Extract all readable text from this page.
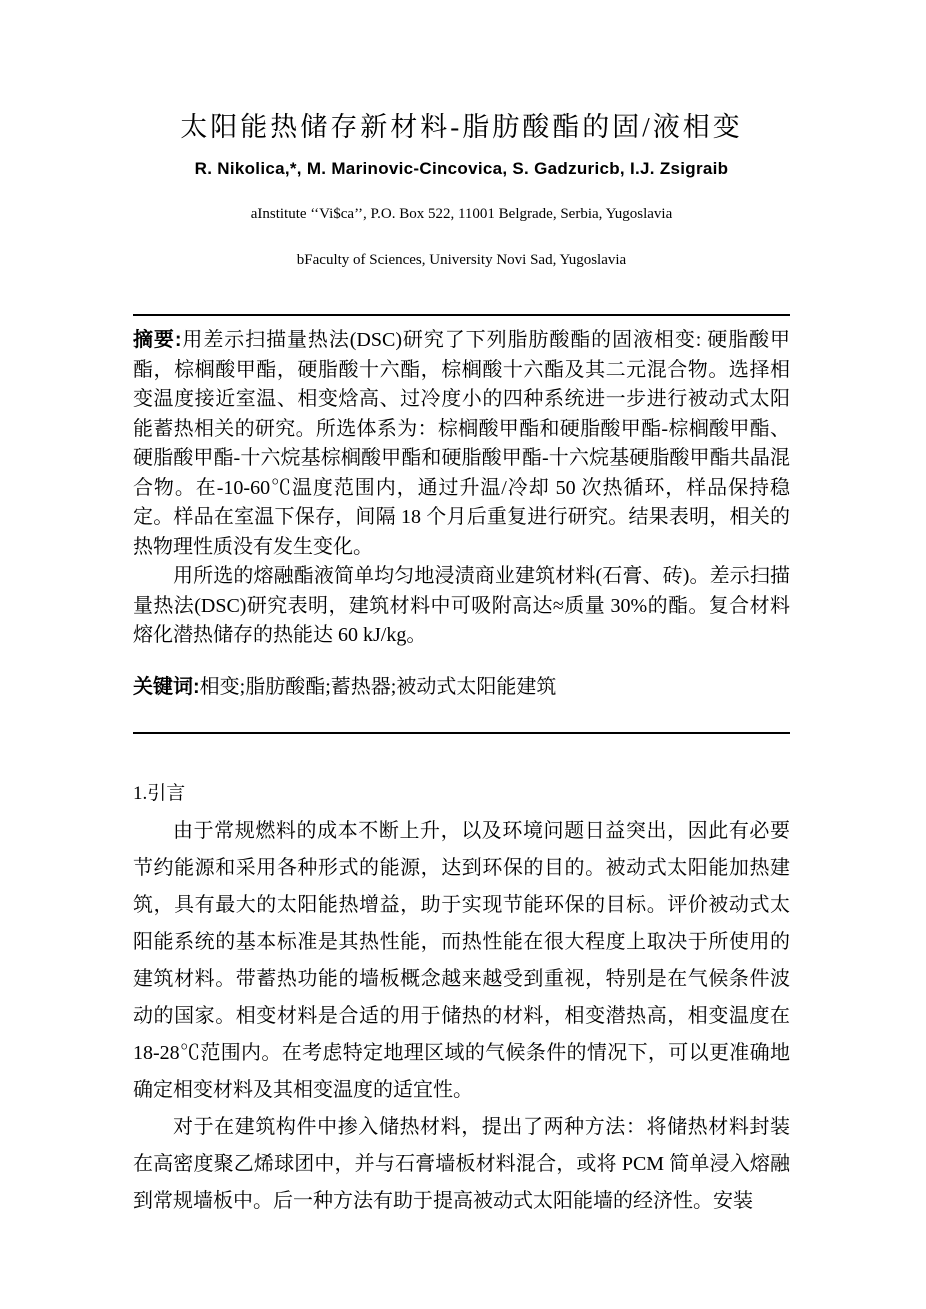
太阳能热储存新材料-脂肪酸酯的固/液相变
R. Nikolica,*, M. Marinovic-Cincovica, S. Gadzuricb, I.J. Zsigraib
aInstitute ‘‘Vi$ca’’, P.O. Box 522, 11001 Belgrade, Serbia, Yugoslavia
bFaculty of Sciences, University Novi Sad, Yugoslavia

摘要:用差示扫描量热法(DSC)研究了下列脂肪酸酯的固液相变: 硬脂酸甲酯，棕榈酸甲酯，硬脂酸十六酯，棕榈酸十六酯及其二元混合物。选择相变温度接近室温、相变焓高、过冷度小的四种系统进一步进行被动式太阳能蓄热相关的研究。所选体系为：棕榈酸甲酯和硬脂酸甲酯-棕榈酸甲酯、硬脂酸甲酯-十六烷基棕榈酸甲酯和硬脂酸甲酯-十六烷基硬脂酸甲酯共晶混合物。在-10-60℃温度范围内，通过升温/冷却 50 次热循环，样品保持稳定。样品在室温下保存，间隔 18 个月后重复进行研究。结果表明，相关的热物理性质没有发生变化。

用所选的熔融酯液简单均匀地浸渍商业建筑材料(石膏、砖)。差示扫描量热法(DSC)研究表明，建筑材料中可吸附高达≈质量 30%的酯。复合材料熔化潜热储存的热能达 60 kJ/kg。

关键词:相变;脂肪酸酯;蓄热器;被动式太阳能建筑

1.引言

由于常规燃料的成本不断上升，以及环境问题日益突出，因此有必要节约能源和采用各种形式的能源，达到环保的目的。被动式太阳能加热建筑，具有最大的太阳能热增益，助于实现节能环保的目标。评价被动式太阳能系统的基本标准是其热性能，而热性能在很大程度上取决于所使用的建筑材料。带蓄热功能的墙板概念越来越受到重视，特别是在气候条件波动的国家。相变材料是合适的用于储热的材料，相变潜热高，相变温度在18-28℃范围内。在考虑特定地理区域的气候条件的情况下，可以更准确地确定相变材料及其相变温度的适宜性。

对于在建筑构件中掺入储热材料，提出了两种方法：将储热材料封装在高密度聚乙烯球团中，并与石膏墙板材料混合，或将 PCM 简单浸入熔融到常规墙板中。后一种方法有助于提高被动式太阳能墙的经济性。安装
